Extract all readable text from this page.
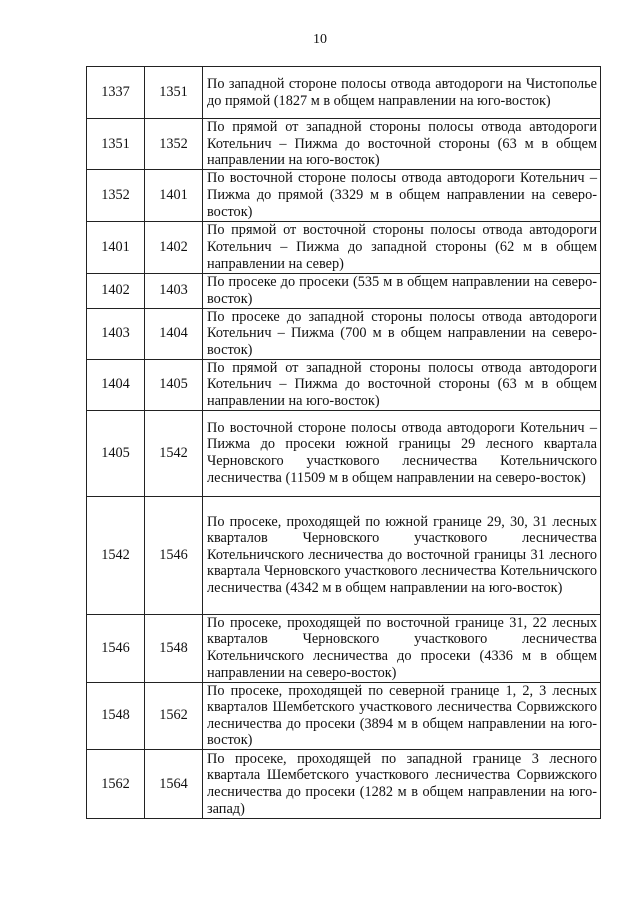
10
1337	1351	По западной стороне полосы отвода автодороги на Чистополье до прямой (1827 м в общем направлении на юго-восток)
1351	1352	По прямой от западной стороны полосы отвода автодороги Котельнич – Пижма до восточной стороны (63 м в общем направлении на юго-восток)
1352	1401	По восточной стороне полосы отвода автодороги Котельнич – Пижма до прямой (3329 м в общем направлении на северо-восток)
1401	1402	По прямой от восточной стороны полосы отвода автодороги Котельнич – Пижма до западной стороны (62 м в общем направлении на север)
1402	1403	По просеке до просеки (535 м в общем направлении на северо-восток)
1403	1404	По просеке до западной стороны полосы отвода автодороги Котельнич – Пижма (700 м в общем направлении на северо-восток)
1404	1405	По прямой от западной стороны полосы отвода автодороги Котельнич – Пижма до восточной стороны (63 м в общем направлении на юго-восток)
1405	1542	По восточной стороне полосы отвода автодороги Котельнич – Пижма до просеки южной границы 29 лесного квартала Черновского участкового лесничества Котельничского лесничества (11509 м в общем направлении на северо-восток)
1542	1546	По просеке, проходящей по южной границе 29, 30, 31 лесных кварталов Черновского участкового лесничества Котельничского лесничества до восточной границы 31 лесного квартала Черновского участкового лесничества Котельничского лесничества (4342 м в общем направлении на юго-восток)
1546	1548	По просеке, проходящей по восточной границе 31, 22 лесных кварталов Черновского участкового лесничества Котельничского лесничества до просеки (4336 м в общем направлении на северо-восток)
1548	1562	По просеке, проходящей по северной границе 1, 2, 3 лесных кварталов Шембетского участкового лесничества Сорвижского лесничества до просеки (3894 м в общем направлении на юго-восток)
1562	1564	По просеке, проходящей по западной границе 3 лесного квартала Шембетского участкового лесничества Сорвижского лесничества до просеки (1282 м в общем направлении на юго-запад)
